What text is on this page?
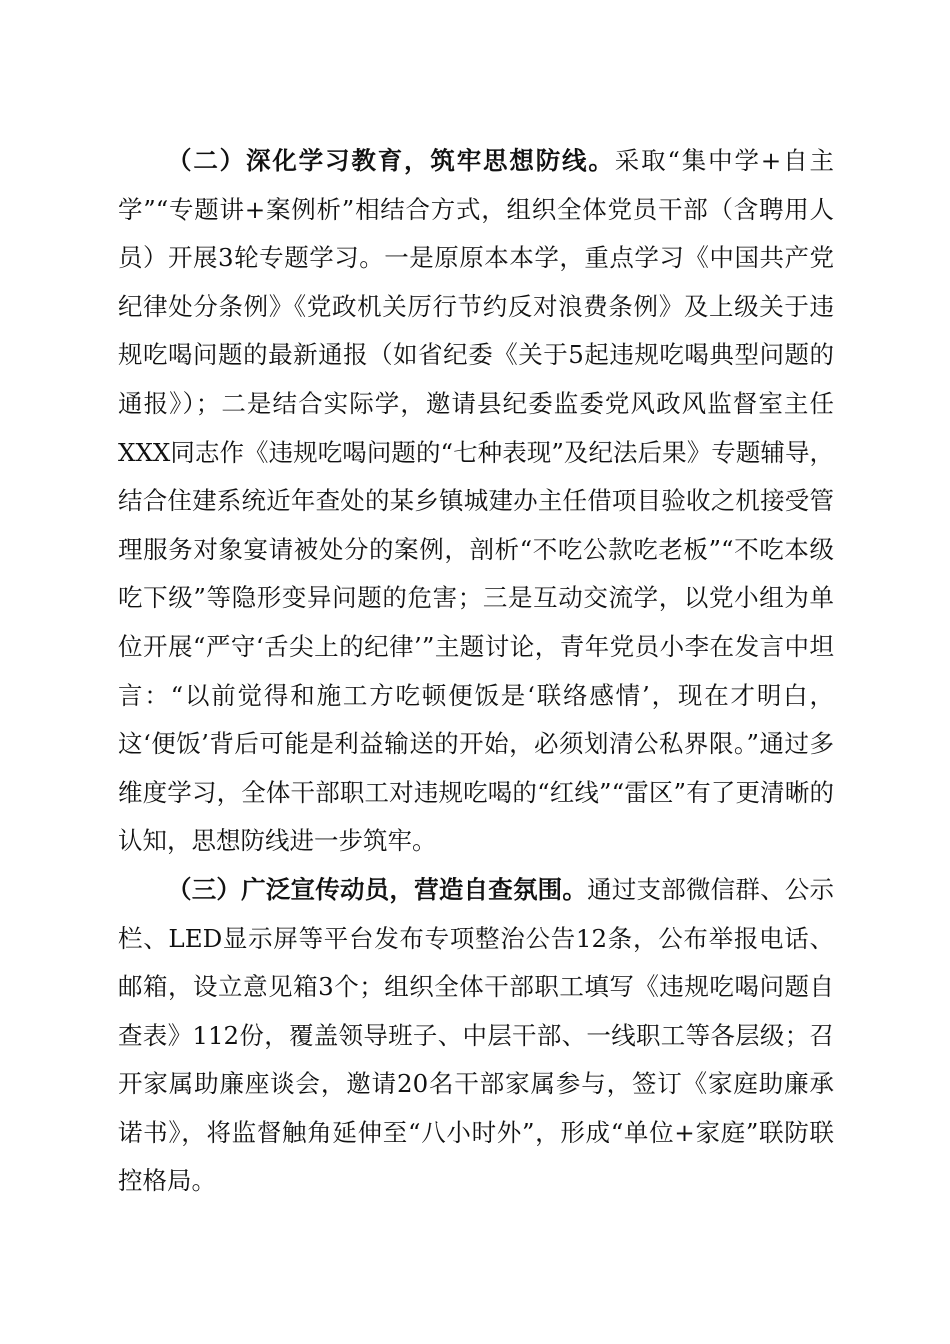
（二）深化学习教育，筑牢思想防线。采取“集中学+自主学”“专题讲+案例析”相结合方式，组织全体党员干部（含聘用人员）开展3轮专题学习。一是原原本本学，重点学习《中国共产党纪律处分条例》《党政机关厉行节约反对浪费条例》及上级关于违规吃喝问题的最新通报（如省纪委《关于5起违规吃喝典型问题的通报》）；二是结合实际学，邀请县纪委监委党风政风监督室主任XXX同志作《违规吃喝问题的“七种表现”及纪法后果》专题辅导，结合住建系统近年查处的某乡镇城建办主任借项目验收之机接受管理服务对象宴请被处分的案例，剖析“不吃公款吃老板”“不吃本级吃下级”等隐形变异问题的危害；三是互动交流学，以党小组为单位开展“严守‘舌尖上的纪律’”主题讨论，青年党员小李在发言中坦言：“以前觉得和施工方吃顿便饭是‘联络感情’，现在才明白，这‘便饭’背后可能是利益输送的开始，必须划清公私界限。”通过多维度学习，全体干部职工对违规吃喝的“红线”“雷区”有了更清晰的认知，思想防线进一步筑牢。

（三）广泛宣传动员，营造自查氛围。通过支部微信群、公示栏、LED显示屏等平台发布专项整治公告12条，公布举报电话、邮箱，设立意见箱3个；组织全体干部职工填写《违规吃喝问题自查表》112份，覆盖领导班子、中层干部、一线职工等各层级；召开家属助廉座谈会，邀请20名干部家属参与，签订《家庭助廉承诺书》，将监督触角延伸至“八小时外”，形成“单位+家庭”联防联控格局。
